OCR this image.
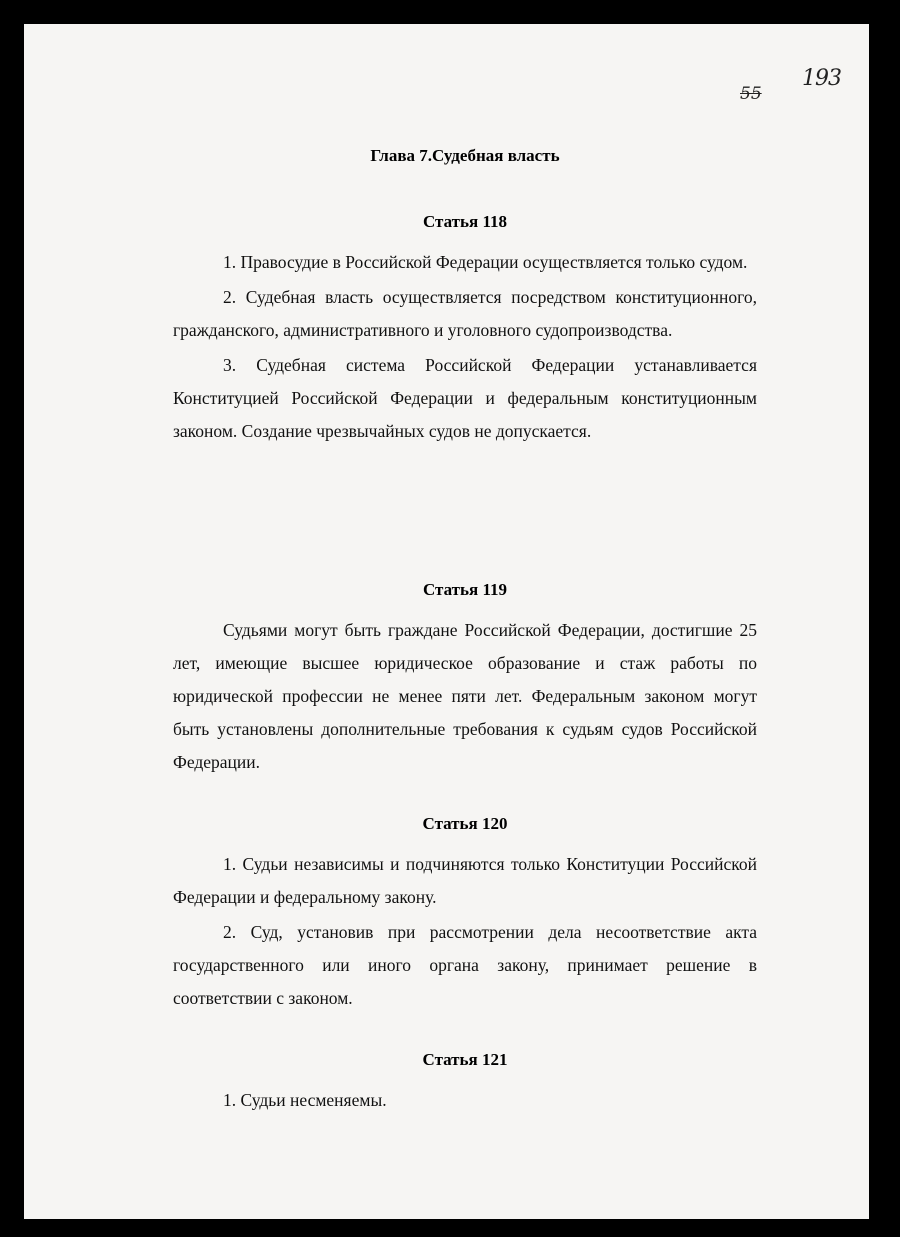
55
193
Глава 7.Судебная власть
Статья 118

1. Правосудие в Российской Федерации осуществляется только судом.

2. Судебная власть осуществляется посредством конституционного, гражданского, административного и уголовного судопроизводства.

3. Судебная система Российской Федерации устанавливается Конституцией Российской Федерации и федеральным конституционным законом. Создание чрезвычайных судов не допускается.

Статья 119

Судьями могут быть граждане Российской Федерации, достигшие 25 лет, имеющие высшее юридическое образование и стаж работы по юридической профессии не менее пяти лет. Федеральным законом могут быть установлены дополнительные требования к судьям судов Российской Федерации.

Статья 120

1. Судьи независимы и подчиняются только Конституции Российской Федерации и федеральному закону.

2. Суд, установив при рассмотрении дела несоответствие акта государственного или иного органа закону, принимает решение в соответствии с законом.

Статья 121

1. Судьи несменяемы.
